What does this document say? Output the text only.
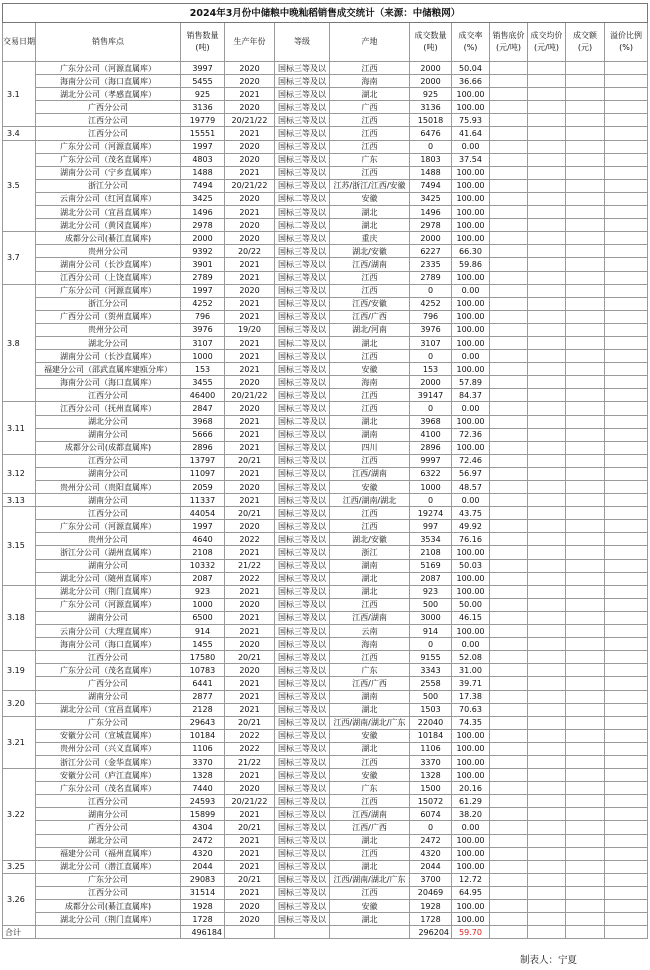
2024年3月份中储粮中晚籼稻销售成交统计（来源：中储粮网）											
交易日期	销售库点	销售数量(吨)	生产年份	等级	产地	成交数量(吨)	成交率(%)	销售底价(元/吨)	成交均价(元/吨)	成交额(元)	溢价比例(%)
3.1	广东分公司（河源直属库）	3997	2020	国标三等及以	江西	2000	50.04				
	海南分公司（海口直属库）	5455	2020	国标三等及以	海南	2000	36.66				
	湖北分公司（孝感直属库）	925	2021	国标三等及以	湖北	925	100.00				
	广西分公司	3136	2020	国标三等及以	广西	3136	100.00				
	江西分公司	19779	20/21/22	国标三等及以	江西	15018	75.93				
3.4	江西分公司	15551	2021	国标三等及以	江西	6476	41.64				
3.5	广东分公司（河源直属库）	1997	2020	国标三等及以	江西	0	0.00				
	广东分公司（茂名直属库）	4803	2020	国标三等及以	广东	1803	37.54				
	湖南分公司（宁乡直属库）	1488	2021	国标三等及以	江西	1488	100.00				
	浙江分公司	7494	20/21/22	国标三等及以	江苏/浙江/江西/安徽	7494	100.00				
	云南分公司（红河直属库）	3425	2020	国标二等及以	安徽	3425	100.00				
	湖北分公司（宜昌直属库）	1496	2021	国标三等及以	湖北	1496	100.00				
	湖北分公司（黄冈直属库）	2978	2020	国标二等及以	湖北	2978	100.00				
3.7	成都分公司(綦江直属库)	2000	2020	国标三等及以	重庆	2000	100.00				
	贵州分公司	9392	20/22	国标三等及以	湖北/安徽	6227	66.30				
	湖南分公司（长沙直属库）	3901	2021	国标三等及以	江西/湖南	2335	59.86				
	江西分公司（上饶直属库）	2789	2021	国标三等及以	江西	2789	100.00				
3.8	广东分公司（河源直属库）	1997	2020	国标三等及以	江西	0	0.00				
	浙江分公司	4252	2021	国标三等及以	江西/安徽	4252	100.00				
	广西分公司（贺州直属库）	796	2021	国标三等及以	江西/广西	796	100.00				
	贵州分公司	3976	19/20	国标三等及以	湖北/河南	3976	100.00				
	湖北分公司	3107	2021	国标二等及以	湖北	3107	100.00				
	湖南分公司（长沙直属库）	1000	2021	国标三等及以	江西	0	0.00				
	福建分公司（邵武直属库建瓯分库）	153	2021	国标三等及以	安徽	153	100.00				
	海南分公司（海口直属库）	3455	2020	国标三等及以	海南	2000	57.89				
	江西分公司	46400	20/21/22	国标三等及以	江西	39147	84.37				
3.11	江西分公司（抚州直属库）	2847	2020	国标三等及以	江西	0	0.00				
	湖北分公司	3968	2021	国标二等及以	湖北	3968	100.00				
	湖南分公司	5666	2021	国标三等及以	湖南	4100	72.36				
	成都分公司(成都直属库)	2896	2021	国标三等及以	四川	2896	100.00				
3.12	江西分公司	13797	20/21	国标三等及以	江西	9997	72.46				
	湖南分公司	11097	2021	国标三等及以	江西/湖南	6322	56.97				
	贵州分公司（贵阳直属库）	2059	2020	国标三等及以	安徽	1000	48.57				
3.13	湖南分公司	11337	2021	国标三等及以	江西/湖南/湖北	0	0.00				
3.15	江西分公司	44054	20/21	国标三等及以	江西	19274	43.75				
	广东分公司（河源直属库）	1997	2020	国标三等及以	江西	997	49.92				
	贵州分公司	4640	2022	国标三等及以	湖北/安徽	3534	76.16				
	浙江分公司（湖州直属库）	2108	2021	国标三等及以	浙江	2108	100.00				
	湖南分公司	10332	21/22	国标三等及以	湖南	5169	50.03				
	湖北分公司（随州直属库）	2087	2022	国标三等及以	湖北	2087	100.00				
3.18	湖北分公司（荆门直属库）	923	2021	国标三等及以	湖北	923	100.00				
	广东分公司（河源直属库）	1000	2020	国标三等及以	江西	500	50.00				
	湖南分公司	6500	2021	国标三等及以	江西/湖南	3000	46.15				
	云南分公司（大理直属库）	914	2021	国标三等及以	云南	914	100.00				
	海南分公司（海口直属库）	1455	2020	国标三等及以	海南	0	0.00				
3.19	江西分公司	17580	20/21	国标三等及以	江西	9155	52.08				
	广东分公司（茂名直属库）	10783	2020	国标三等及以	广东	3343	31.00				
	广西分公司	6441	2021	国标三等及以	江西/广西	2558	39.71				
3.20	湖南分公司	2877	2021	国标三等及以	湖南	500	17.38				
	湖北分公司（宜昌直属库）	2128	2021	国标三等及以	湖北	1503	70.63				
3.21	广东分公司	29643	20/21	国标三等及以	江西/湖南/湖北/广东	22040	74.35				
	安徽分公司（宣城直属库）	10184	2022	国标三等及以	安徽	10184	100.00				
	贵州分公司（兴义直属库）	1106	2022	国标三等及以	湖北	1106	100.00				
	浙江分公司（金华直属库）	3370	21/22	国标三等及以	江西	3370	100.00				
3.22	安徽分公司（庐江直属库）	1328	2021	国标三等及以	安徽	1328	100.00				
	广东分公司（茂名直属库）	7440	2020	国标三等及以	广东	1500	20.16				
	江西分公司	24593	20/21/22	国标三等及以	江西	15072	61.29				
	湖南分公司	15899	2021	国标三等及以	江西/湖南	6074	38.20				
	广西分公司	4304	20/21	国标三等及以	江西/广西	0	0.00				
	湖北分公司	2472	2021	国标三等及以	湖北	2472	100.00				
	福建分公司（福州直属库）	4320	2021	国标三等及以	江西	4320	100.00				
3.25	湖北分公司（潜江直属库）	2044	2021	国标三等及以	湖北	2044	100.00				
3.26	广东分公司	29083	20/21	国标三等及以	江西/湖南/湖北/广东	3700	12.72				
	江西分公司	31514	2021	国标三等及以	江西	20469	64.95				
	成都分公司(綦江直属库)	1928	2020	国标三等及以	安徽	1928	100.00				
	湖北分公司（荆门直属库）	1728	2020	国标三等及以	湖北	1728	100.00				
合计		496184				296204	59.70				
制表人：宁夏
